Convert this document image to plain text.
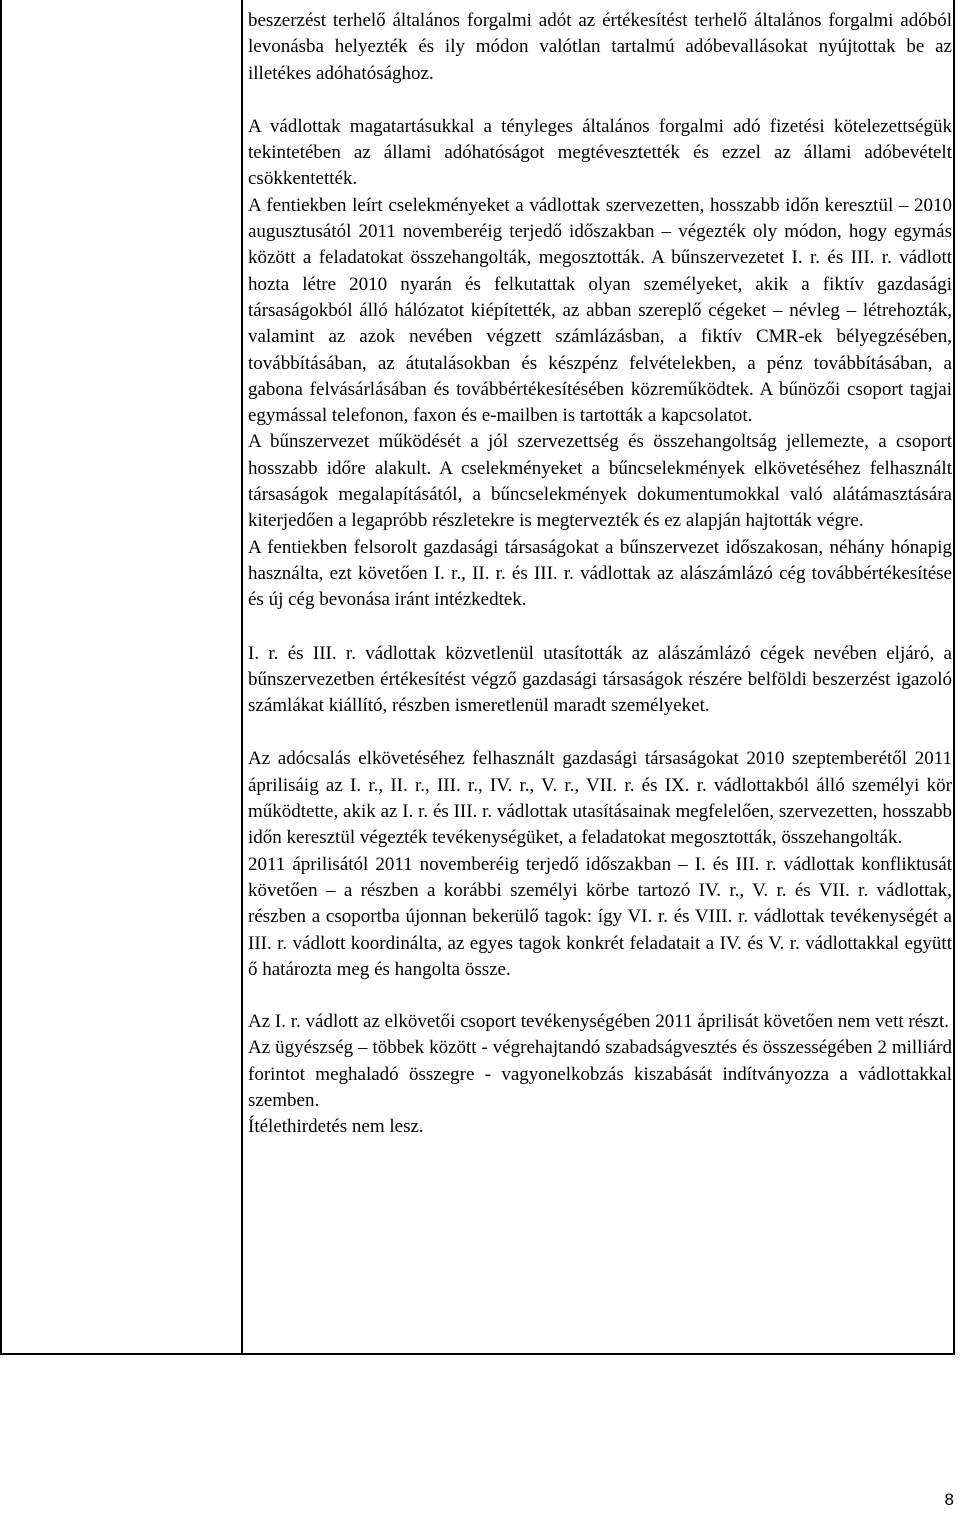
beszerzést terhelő általános forgalmi adót az értékesítést terhelő általános forgalmi adóból levonásba helyezték és ily módon valótlan tartalmú adóbevallásokat nyújtottak be az illetékes adóhatósághoz.

A vádlottak magatartásukkal a tényleges általános forgalmi adó fizetési kötelezettségük tekintetében az állami adóhatóságot megtévesztették és ezzel az állami adóbevételt csökkentették.

A fentiekben leírt cselekményeket a vádlottak szervezetten, hosszabb időn keresztül – 2010 augusztusától 2011 novemberéig terjedő időszakban – végezték oly módon, hogy egymás között a feladatokat összehangolták, megosztották. A bűnszervezetet I. r. és III. r. vádlott hozta létre 2010 nyarán és felkutattak olyan személyeket, akik a fiktív gazdasági társaságokból álló hálózatot kiépítették, az abban szereplő cégeket – névleg – létrehozták, valamint az azok nevében végzett számlázásban, a fiktív CMR-ek bélyegzésében, továbbításában, az átutalásokban és készpénz felvételekben, a pénz továbbításában, a gabona felvásárlásában és továbbértékesítésében közreműködtek. A bűnözői csoport tagjai egymással telefonon, faxon és e-mailben is tartották a kapcsolatot.

A bűnszervezet működését a jól szervezettség és összehangoltság jellemezte, a csoport hosszabb időre alakult. A cselekményeket a bűncselekmények elkövetéséhez felhasznált társaságok megalapításától, a bűncselekmények dokumentumokkal való alátámasztására kiterjedően a legapróbb részletekre is megtervezték és ez alapján hajtották végre.

A fentiekben felsorolt gazdasági társaságokat a bűnszervezet időszakosan, néhány hónapig használta, ezt követően I. r., II. r. és III. r. vádlottak az alászámlázó cég továbbértékesítése és új cég bevonása iránt intézkedtek.

I. r. és III. r. vádlottak közvetlenül utasították az alászámlázó cégek nevében eljáró, a bűnszervezetben értékesítést végző gazdasági társaságok részére belföldi beszerzést igazoló számlákat kiállító, részben ismeretlenül maradt személyeket.

Az adócsalás elkövetéséhez felhasznált gazdasági társaságokat 2010 szeptemberétől 2011 áprilisáig az I. r., II. r., III. r., IV. r., V. r., VII. r. és IX. r. vádlottakból álló személyi kör működtette, akik az I. r. és III. r. vádlottak utasításainak megfelelően, szervezetten, hosszabb időn keresztül végezték tevékenységüket, a feladatokat megosztották, összehangolták.

2011 áprilisától 2011 novemberéig terjedő időszakban – I. és III. r. vádlottak konfliktusát követően – a részben a korábbi személyi körbe tartozó IV. r., V. r. és VII. r. vádlottak, részben a csoportba újonnan bekerülő tagok: így VI. r. és VIII. r. vádlottak tevékenységét a III. r. vádlott koordinálta, az egyes tagok konkrét feladatait a IV. és V. r. vádlottakkal együtt ő határozta meg és hangolta össze.

Az I. r. vádlott az elkövetői csoport tevékenységében 2011 áprilisát követően nem vett részt.

Az ügyészség – többek között - végrehajtandó szabadságvesztés és összességében 2 milliárd forintot meghaladó összegre - vagyonelkobzás kiszabását indítványozza a vádlottakkal szemben.

Ítélethirdetés nem lesz.

8
